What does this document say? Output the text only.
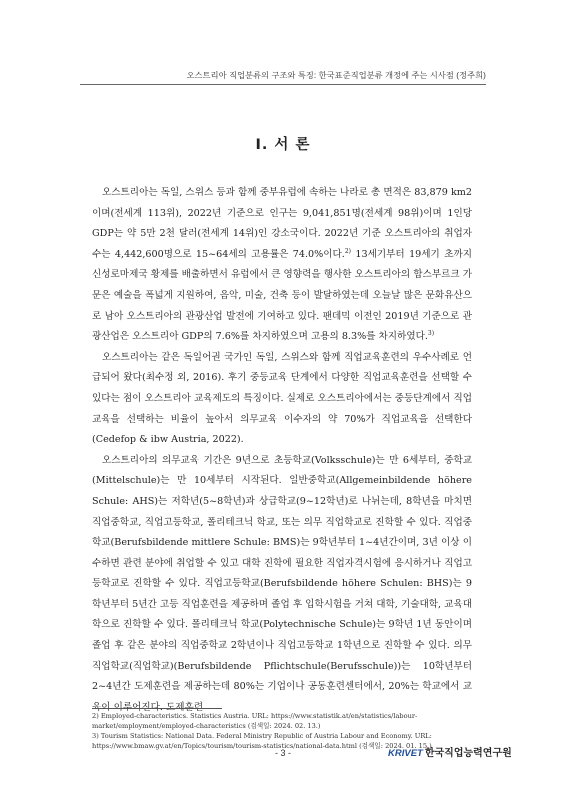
오스트리아 직업분류의 구조와 특징: 한국표준직업분류 개정에 주는 시사점 (정주희)
I. 서 론

오스트리아는 독일, 스위스 등과 함께 중부유럽에 속하는 나라로 총 면적은 83,879 km2 이며(전세계 113위), 2022년 기준으로 인구는 9,041,851명(전세계 98위)이며 1인당 GDP는 약 5만 2천 달러(전세계 14위)인 강소국이다. 2022년 기준 오스트리아의 취업자 수는 4,442,600명으로 15~64세의 고용률은 74.0%이다.$^{2)}$ 13세기부터 19세기 초까지 신성로마제국 황제를 배출하면서 유럽에서 큰 영향력을 행사한 오스트리아의 합스부르크 가문은 예술을 폭넓게 지원하여, 음악, 미술, 건축 등이 발달하였는데 오늘날 많은 문화유산으로 남아 오스트리아의 관광산업 발전에 기여하고 있다. 팬데믹 이전인 2019년 기준으로 관광산업은 오스트리아 GDP의 7.6%를 차지하였으며 고용의 8.3%를 차지하였다.$^{3)}$

오스트리아는 같은 독일어권 국가인 독일, 스위스와 함께 직업교육훈련의 우수사례로 언급되어 왔다(최수정 외, 2016). 후기 중등교육 단계에서 다양한 직업교육훈련을 선택할 수 있다는 점이 오스트리아 교육제도의 특징이다. 실제로 오스트리아에서는 중등단계에서 직업교육을 선택하는 비율이 높아서 의무교육 이수자의 약 70%가 직업교육을 선택한다(Cedefop & ibw Austria, 2022).

오스트리아의 의무교육 기간은 9년으로 초등학교(Volksschule)는 만 6세부터, 중학교(Mittelschule)는 만 10세부터 시작된다. 일반중학교(Allgemeinbildende höhere Schule: AHS)는 저학년(5~8학년)과 상급학교(9~12학년)로 나뉘는데, 8학년을 마치면 직업중학교, 직업고등학교, 폴리테크닉 학교, 또는 의무 직업학교로 진학할 수 있다. 직업중학교(Berufsbildende mittlere Schule: BMS)는 9학년부터 1~4년간이며, 3년 이상 이수하면 관련 분야에 취업할 수 있고 대학 진학에 필요한 직업자격시험에 응시하거나 직업고등학교로 진학할 수 있다. 직업고등학교(Berufsbildende höhere Schulen: BHS)는 9학년부터 5년간 고등 직업훈련을 제공하며 졸업 후 입학시험을 거쳐 대학, 기술대학, 교육대학으로 진학할 수 있다. 폴리테크닉 학교(Polytechnische Schule)는 9학년 1년 동안이며 졸업 후 같은 분야의 직업중학교 2학년이나 직업고등학교 1학년으로 진학할 수 있다. 의무 직업학교(직업학교)(Berufsbildende Pflichtschule(Berufsschule))는 10학년부터 2~4년간 도제훈련을 제공하는데 80%는 기업이나 공동훈련센터에서, 20%는 학교에서 교육이 이루어진다. 도제훈련

2) Employed-characteristics. Statistics Austria. URL: https://www.statistik.at/en/statistics/labour-market/employment/employed-characteristics (검색일: 2024. 02. 13.)
3) Tourism Statistics: National Data. Federal Ministry Republic of Austria Labour and Economy. URL: https://www.bmaw.gv.at/en/Topics/tourism/tourism-statistics/national-data.html (검색일: 2024. 01. 15.)
- 3 -	KRIVET 한국직업능력연구원
